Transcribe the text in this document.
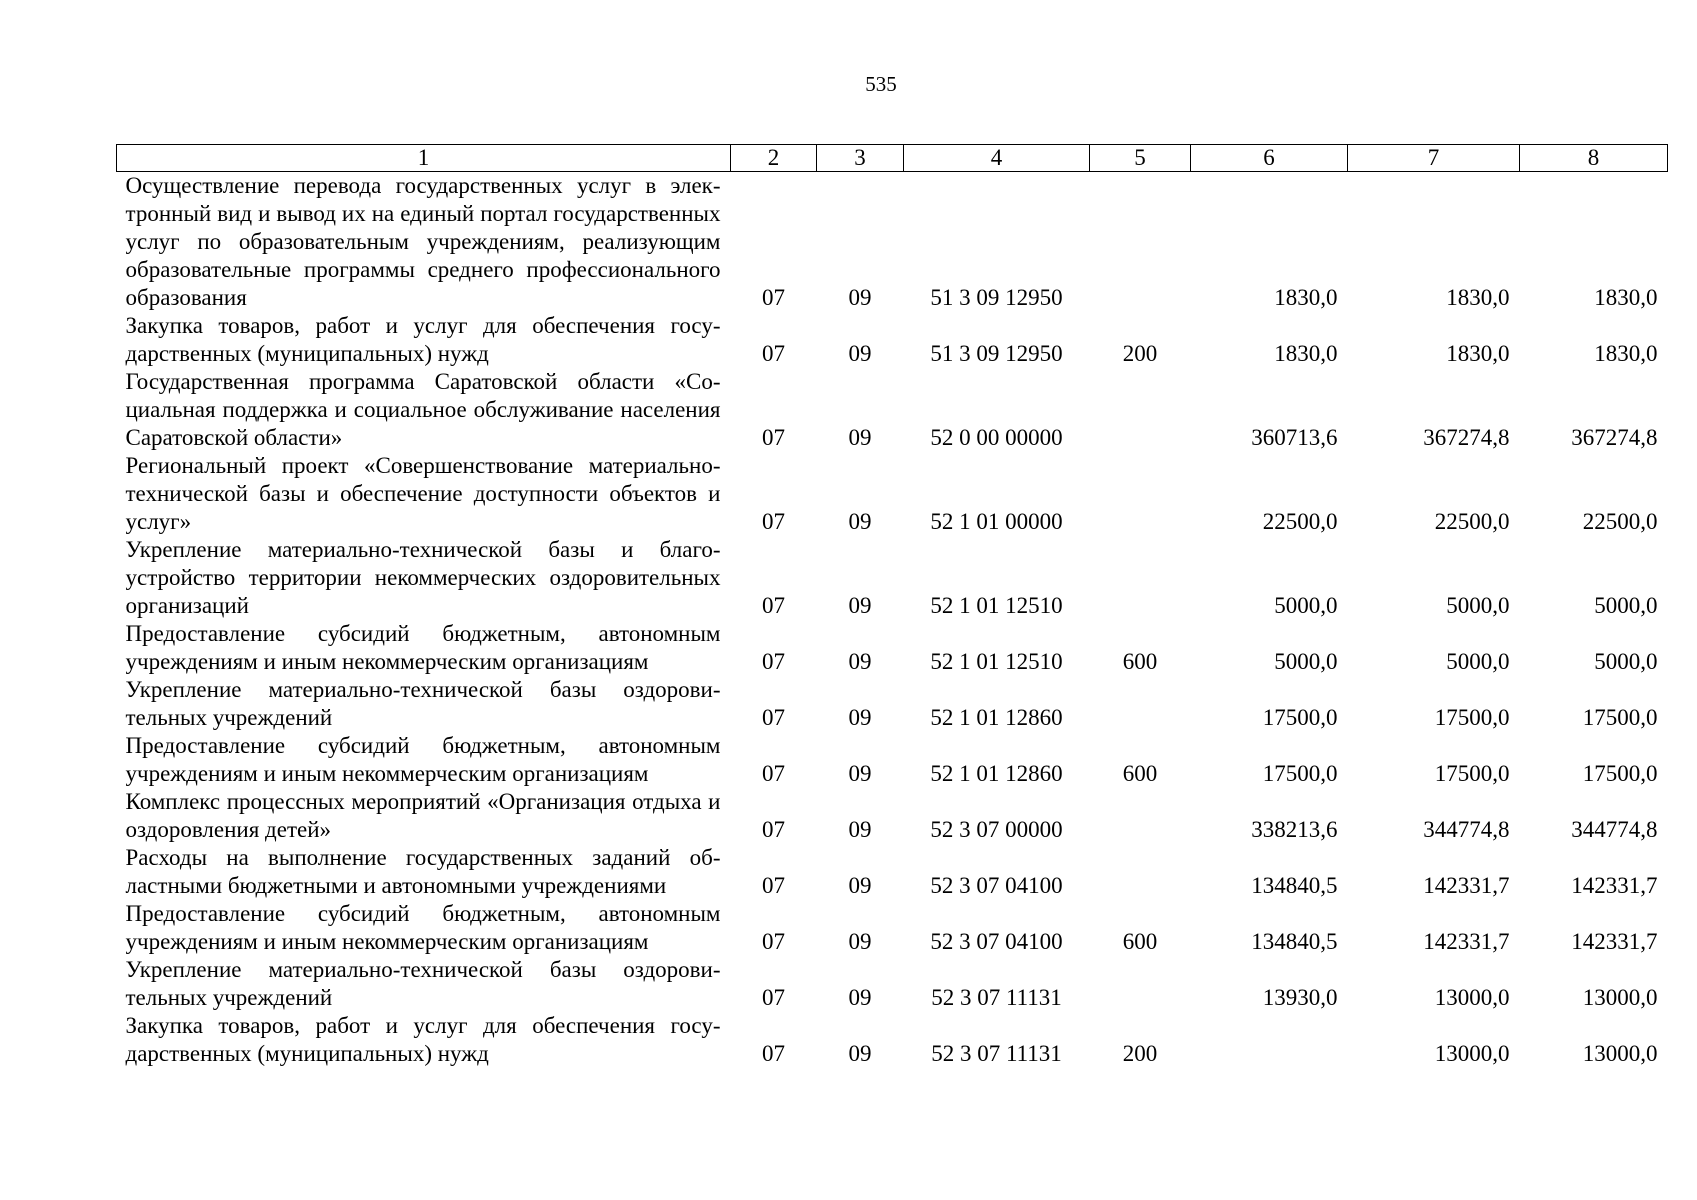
535
1	2	3	4	5	6	7	8
Осуществление перевода государственных услуг в электронный вид и вывод их на единый портал государственных услуг по образовательным учреждениям, реализующим образовательные программы среднего профессионального образования	07	09	51 3 09 12950		1830,0	1830,0	1830,0
Закупка товаров, работ и услуг для обеспечения государственных (муниципальных) нужд	07	09	51 3 09 12950	200	1830,0	1830,0	1830,0
Государственная программа Саратовской области «Социальная поддержка и социальное обслуживание населения Саратовской области»	07	09	52 0 00 00000		360713,6	367274,8	367274,8
Региональный проект «Совершенствование материально-технической базы и обеспечение доступности объектов и услуг»	07	09	52 1 01 00000		22500,0	22500,0	22500,0
Укрепление материально-технической базы и благоустройство территории некоммерческих оздоровительных организаций	07	09	52 1 01 12510		5000,0	5000,0	5000,0
Предоставление субсидий бюджетным, автономным учреждениям и иным некоммерческим организациям	07	09	52 1 01 12510	600	5000,0	5000,0	5000,0
Укрепление материально-технической базы оздоровительных учреждений	07	09	52 1 01 12860		17500,0	17500,0	17500,0
Предоставление субсидий бюджетным, автономным учреждениям и иным некоммерческим организациям	07	09	52 1 01 12860	600	17500,0	17500,0	17500,0
Комплекс процессных мероприятий «Организация отдыха и оздоровления детей»	07	09	52 3 07 00000		338213,6	344774,8	344774,8
Расходы на выполнение государственных заданий областными бюджетными и автономными учреждениями	07	09	52 3 07 04100		134840,5	142331,7	142331,7
Предоставление субсидий бюджетным, автономным учреждениям и иным некоммерческим организациям	07	09	52 3 07 04100	600	134840,5	142331,7	142331,7
Укрепление материально-технической базы оздоровительных учреждений	07	09	52 3 07 11131		13930,0	13000,0	13000,0
Закупка товаров, работ и услуг для обеспечения государственных (муниципальных) нужд	07	09	52 3 07 11131	200		13000,0	13000,0
